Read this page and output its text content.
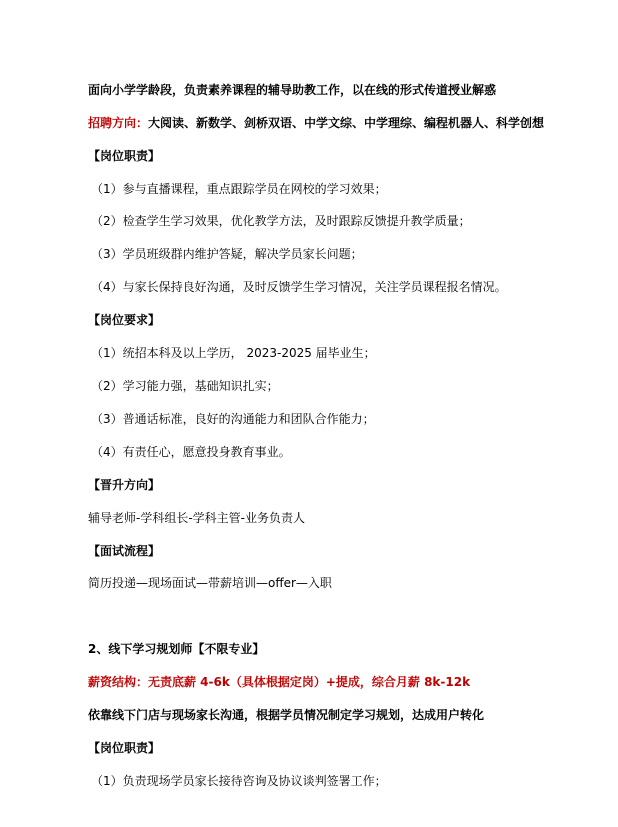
面向小学学龄段，负责素养课程的辅导助教工作，以在线的形式传道授业解惑
招聘方向：大阅读、新数学、剑桥双语、中学文综、中学理综、编程机器人、科学创想
【岗位职责】
（1）参与直播课程，重点跟踪学员在网校的学习效果；
（2）检查学生学习效果，优化教学方法，及时跟踪反馈提升教学质量；
（3）学员班级群内维护答疑，解决学员家长问题；
（4）与家长保持良好沟通，及时反馈学生学习情况，关注学员课程报名情况。
【岗位要求】
（1）统招本科及以上学历， 2023-2025 届毕业生；
（2）学习能力强，基础知识扎实；
（3）普通话标准，良好的沟通能力和团队合作能力；
（4）有责任心，愿意投身教育事业。
【晋升方向】
辅导老师-学科组长-学科主管-业务负责人
【面试流程】
简历投递—现场面试—带薪培训—offer—入职
2、线下学习规划师【不限专业】
薪资结构：无责底薪 4-6k（具体根据定岗）+提成，综合月薪 8k-12k
依靠线下门店与现场家长沟通，根据学员情况制定学习规划，达成用户转化
【岗位职责】
（1）负责现场学员家长接待咨询及协议谈判签署工作；
